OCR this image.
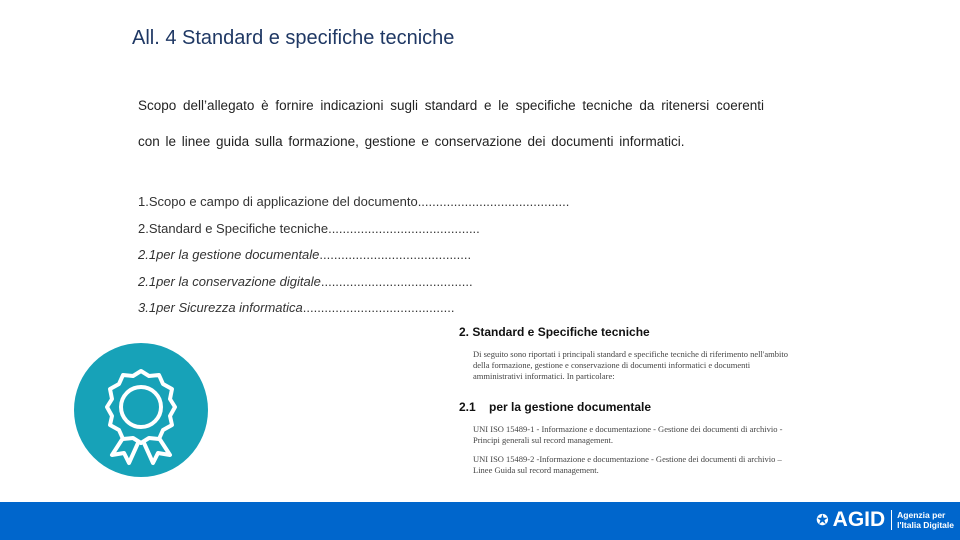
All. 4 Standard e specifiche tecniche
Scopo dell’allegato è fornire indicazioni sugli standard e le specifiche tecniche da ritenersi coerenti con le linee guida sulla formazione, gestione e conservazione dei documenti informatici.
1. Scopo e campo di applicazione del documento ..........................................
2. Standard e Specifiche tecniche ..........................................
2.1 per la gestione documentale ..........................................
2.1 per la conservazione digitale ..........................................
3.1 per Sicurezza informatica ..........................................
2. Standard e Specifiche tecniche

Di seguito sono riportati i principali standard e specifiche tecniche di riferimento nell'ambito della formazione, gestione e conservazione di documenti informatici e documenti amministrativi informatici. In particolare:

2.1    per la gestione documentale

UNI ISO 15489-1 - Informazione e documentazione - Gestione dei documenti di archivio - Principi generali sul record management.

UNI ISO 15489-2 -Informazione e documentazione - Gestione dei documenti di archivio – Linee Guida sul record management.

✪ AGID Agenzia per
l'Italia Digitale
